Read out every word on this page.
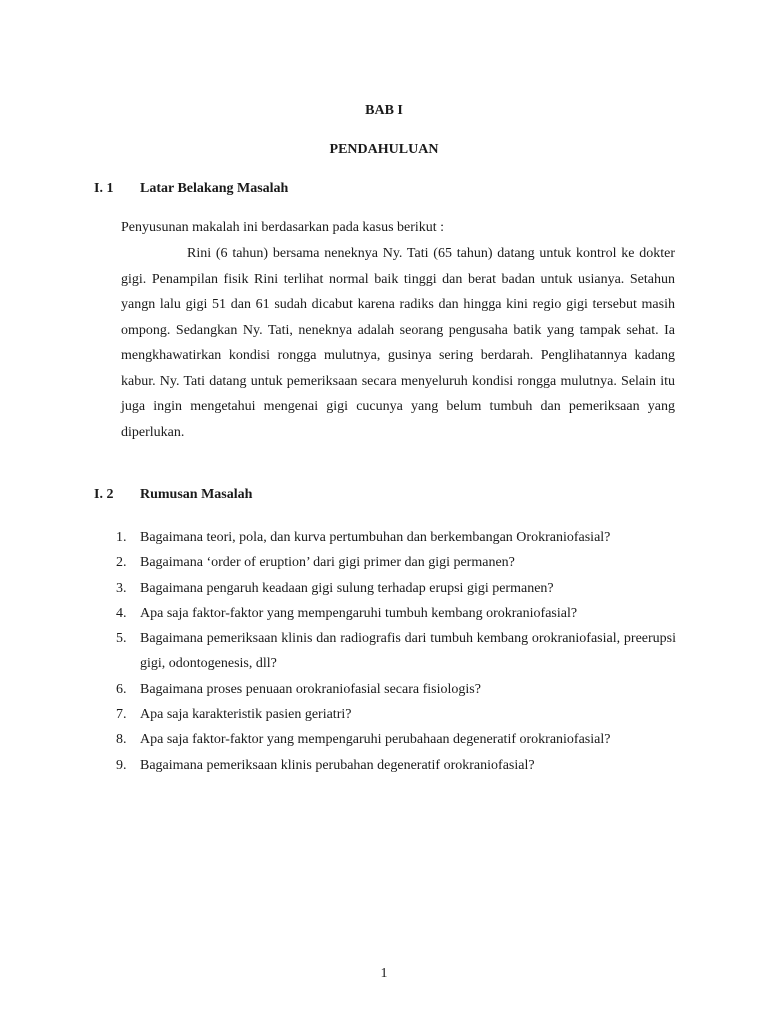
BAB I
PENDAHULUAN
I. 1 Latar Belakang Masalah
Penyusunan makalah ini berdasarkan pada kasus berikut :

Rini (6 tahun) bersama neneknya Ny. Tati (65 tahun) datang untuk kontrol ke dokter gigi. Penampilan fisik Rini terlihat normal baik tinggi dan berat badan untuk usianya. Setahun yangn lalu gigi 51 dan 61 sudah dicabut karena radiks dan hingga kini regio gigi tersebut masih ompong. Sedangkan Ny. Tati, neneknya adalah seorang pengusaha batik yang tampak sehat. Ia mengkhawatirkan kondisi rongga mulutnya, gusinya sering berdarah. Penglihatannya kadang kabur. Ny. Tati datang untuk pemeriksaan secara menyeluruh kondisi rongga mulutnya. Selain itu juga ingin mengetahui mengenai gigi cucunya yang belum tumbuh dan pemeriksaan yang diperlukan.

I. 2 Rumusan Masalah
1. Bagaimana teori, pola, dan kurva pertumbuhan dan berkembangan Orokraniofasial?
2. Bagaimana ‘order of eruption’ dari gigi primer dan gigi permanen?
3. Bagaimana pengaruh keadaan gigi sulung terhadap erupsi gigi permanen?
4. Apa saja faktor-faktor yang mempengaruhi tumbuh kembang orokraniofasial?
5. Bagaimana pemeriksaan klinis dan radiografis dari tumbuh kembang orokraniofasial, preerupsi gigi, odontogenesis, dll?
6. Bagaimana proses penuaan orokraniofasial secara fisiologis?
7. Apa saja karakteristik pasien geriatri?
8. Apa saja faktor-faktor yang mempengaruhi perubahaan degeneratif orokraniofasial?
9. Bagaimana pemeriksaan klinis perubahan degeneratif orokraniofasial?
1
